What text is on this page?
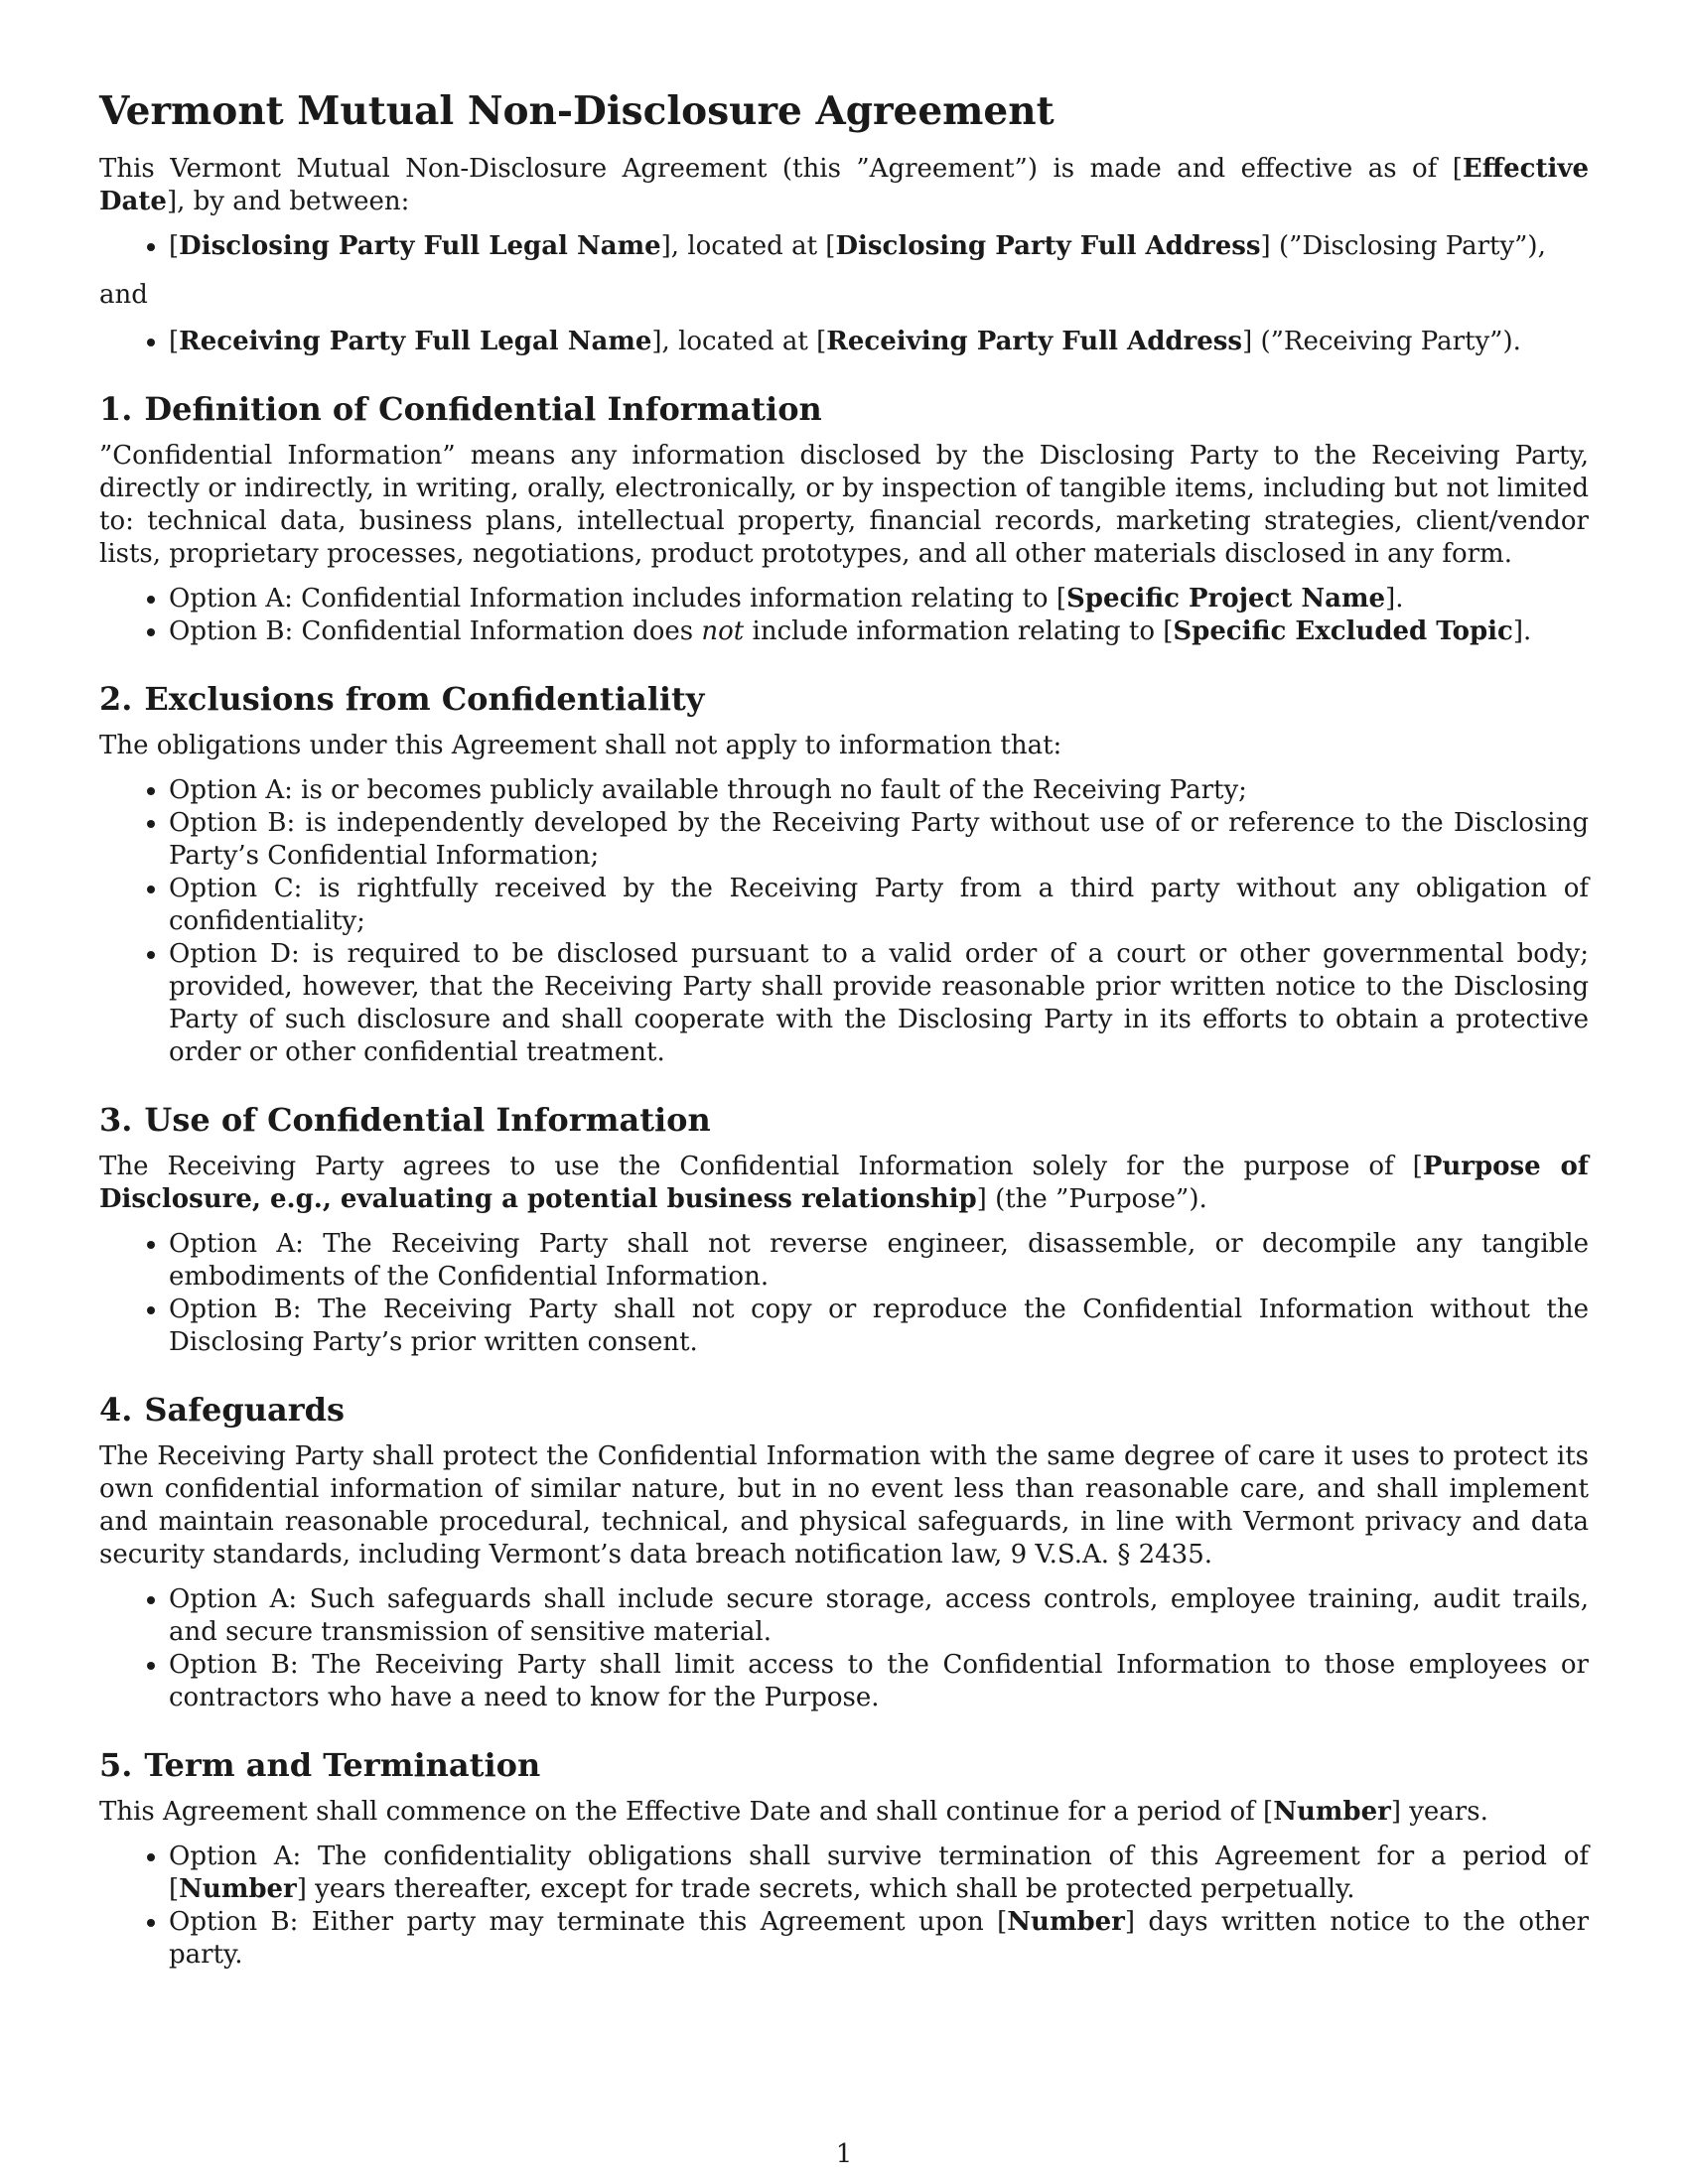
Vermont Mutual Non-Disclosure Agreement

This Vermont Mutual Non-Disclosure Agreement (this ”Agreement”) is made and effective as of [Effective Date], by and between:

• [Disclosing Party Full Legal Name], located at [Disclosing Party Full Address] (”Disclosing Party”),
and
• [Receiving Party Full Legal Name], located at [Receiving Party Full Address] (”Receiving Party”).
1. Definition of Confidential Information

”Confidential Information” means any information disclosed by the Disclosing Party to the Receiving Party, directly or indirectly, in writing, orally, electronically, or by inspection of tangible items, including but not limited to: technical data, business plans, intellectual property, financial records, marketing strategies, client/vendor lists, proprietary processes, negotiations, product prototypes, and all other materials disclosed in any form.

• Option A: Confidential Information includes information relating to [Specific Project Name].
• Option B: Confidential Information does not include information relating to [Specific Excluded Topic].
2. Exclusions from Confidentiality

The obligations under this Agreement shall not apply to information that:

• Option A: is or becomes publicly available through no fault of the Receiving Party;
• Option B: is independently developed by the Receiving Party without use of or reference to the Disclosing Party’s Confidential Information;
• Option C: is rightfully received by the Receiving Party from a third party without any obligation of confidentiality;
• Option D: is required to be disclosed pursuant to a valid order of a court or other governmental body; provided, however, that the Receiving Party shall provide reasonable prior written notice to the Disclosing Party of such disclosure and shall cooperate with the Disclosing Party in its efforts to obtain a protective order or other confidential treatment.
3. Use of Confidential Information

The Receiving Party agrees to use the Confidential Information solely for the purpose of [Purpose of Disclosure, e.g., evaluating a potential business relationship] (the ”Purpose”).

• Option A: The Receiving Party shall not reverse engineer, disassemble, or decompile any tangible embodiments of the Confidential Information.
• Option B: The Receiving Party shall not copy or reproduce the Confidential Information without the Disclosing Party’s prior written consent.
4. Safeguards

The Receiving Party shall protect the Confidential Information with the same degree of care it uses to protect its own confidential information of similar nature, but in no event less than reasonable care, and shall implement and maintain reasonable procedural, technical, and physical safeguards, in line with Vermont privacy and data security standards, including Vermont’s data breach notification law, 9 V.S.A. § 2435.

• Option A: Such safeguards shall include secure storage, access controls, employee training, audit trails, and secure transmission of sensitive material.
• Option B: The Receiving Party shall limit access to the Confidential Information to those employees or contractors who have a need to know for the Purpose.
5. Term and Termination

This Agreement shall commence on the Effective Date and shall continue for a period of [Number] years.

• Option A: The confidentiality obligations shall survive termination of this Agreement for a period of [Number] years thereafter, except for trade secrets, which shall be protected perpetually.
• Option B: Either party may terminate this Agreement upon [Number] days written notice to the other party.
1
